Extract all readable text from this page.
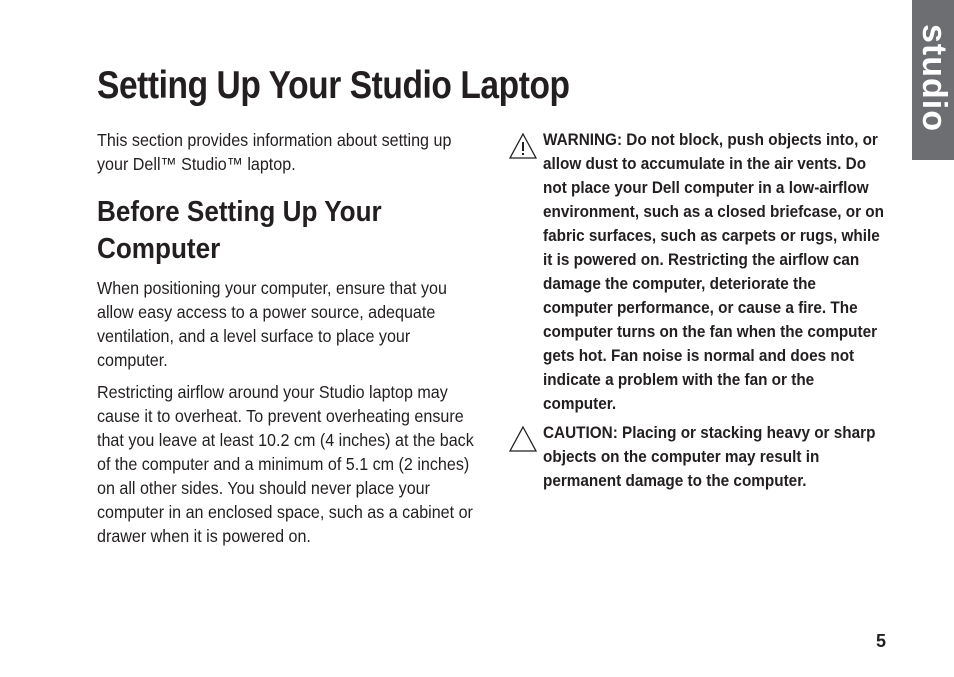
studio
Setting Up Your Studio Laptop

This section provides information about setting up your Dell™ Studio™ laptop.

Before Setting Up Your Computer

When positioning your computer, ensure that you allow easy access to a power source, adequate ventilation, and a level surface to place your computer.

Restricting airflow around your Studio laptop may cause it to overheat. To prevent overheating ensure that you leave at least 10.2 cm (4 inches) at the back of the computer and a minimum of 5.1 cm (2 inches) on all other sides. You should never place your computer in an enclosed space, such as a cabinet or drawer when it is powered on.

WARNING: Do not block, push objects into, or allow dust to accumulate in the air vents. Do not place your Dell computer in a low-airflow environment, such as a closed briefcase, or on fabric surfaces, such as carpets or rugs, while it is powered on. Restricting the airflow can damage the computer, deteriorate the computer performance, or cause a fire. The computer turns on the fan when the computer gets hot. Fan noise is normal and does not indicate a problem with the fan or the computer.

CAUTION: Placing or stacking heavy or sharp objects on the computer may result in permanent damage to the computer.

5
